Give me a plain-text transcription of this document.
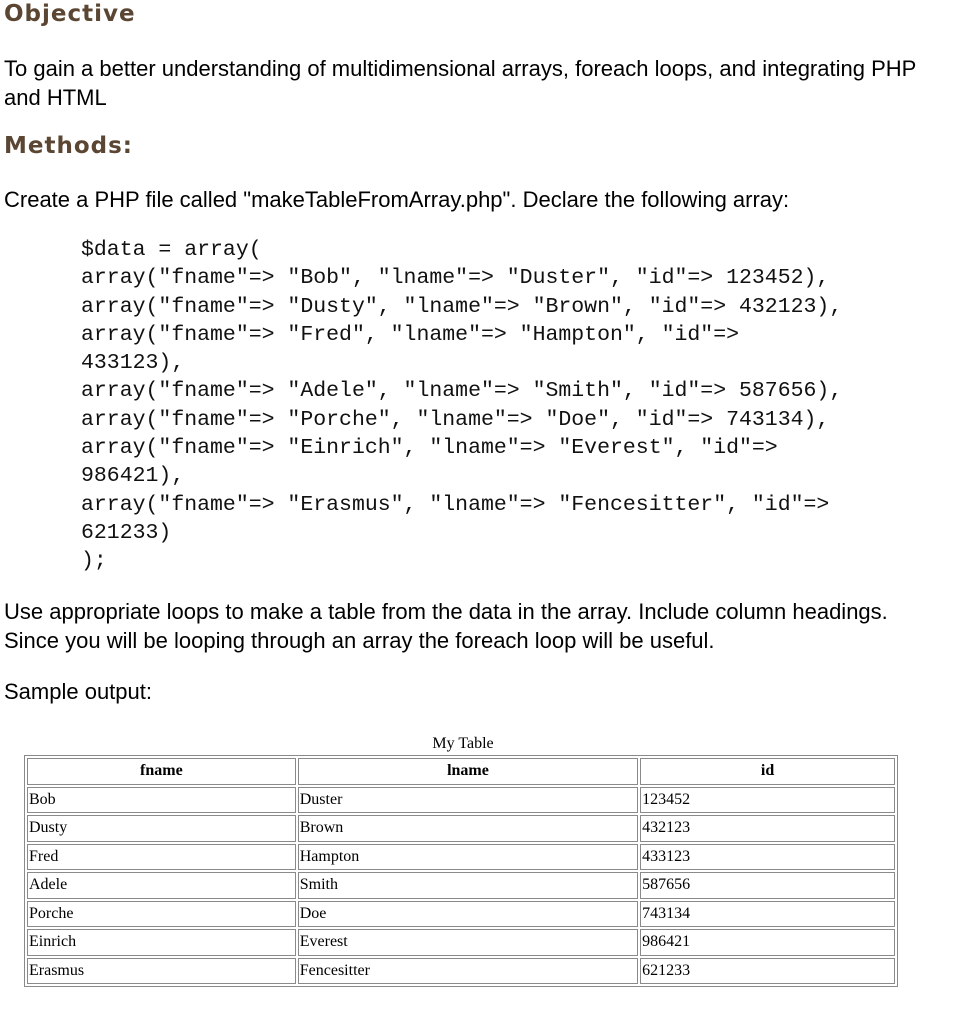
Objective

To gain a better understanding of multidimensional arrays, foreach loops, and integrating PHP and HTML

Methods:

Create a PHP file called "makeTableFromArray.php". Declare the following array:

$data = array(
array("fname"=> "Bob", "lname"=> "Duster", "id"=> 123452),
array("fname"=> "Dusty", "lname"=> "Brown", "id"=> 432123),
array("fname"=> "Fred", "lname"=> "Hampton", "id"=>
433123),
array("fname"=> "Adele", "lname"=> "Smith", "id"=> 587656),
array("fname"=> "Porche", "lname"=> "Doe", "id"=> 743134),
array("fname"=> "Einrich", "lname"=> "Everest", "id"=>
986421),
array("fname"=> "Erasmus", "lname"=> "Fencesitter", "id"=>
621233)
);

Use appropriate loops to make a table from the data in the array. Include column headings. Since you will be looping through an array the foreach loop will be useful.

Sample output:

My Table
fname	lname	id
Bob	Duster	123452
Dusty	Brown	432123
Fred	Hampton	433123
Adele	Smith	587656
Porche	Doe	743134
Einrich	Everest	986421
Erasmus	Fencesitter	621233
